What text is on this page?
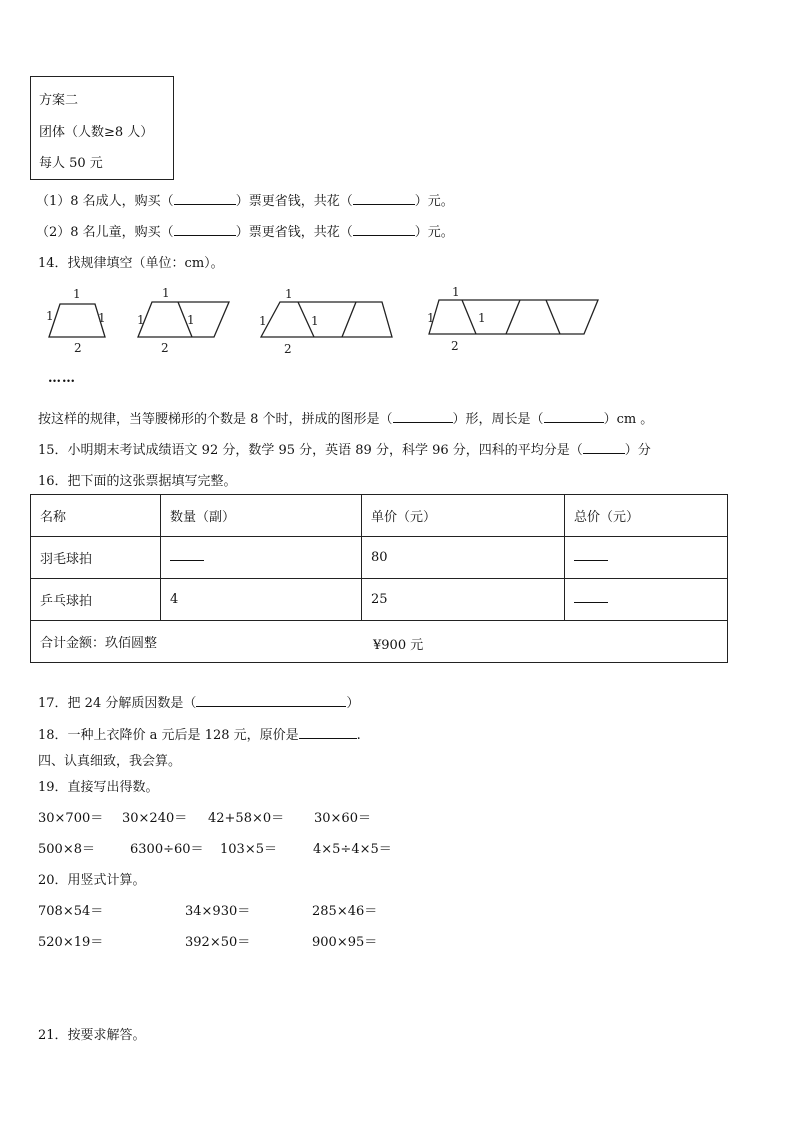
方案二
团体（人数≥8 人）
每人 50 元
（1）8 名成人，购买（	）票更省钱，共花（	）元。
（2）8 名儿童，购买（	）票更省钱，共花（	）元。
14．找规律填空（单位：cm）。
1
1	1
2
1
1	1
2
1
1	1
2
1
1	1
2
……
按这样的规律，当等腰梯形的个数是 8 个时，拼成的图形是（	）形，周长是（	）cm 。
15．小明期末考试成绩语文 92 分，数学 95 分，英语 89 分，科学 96 分，四科的平均分是（	）分
16．把下面的这张票据填写完整。
名称	数量（副）	单价（元）	总价（元）
羽毛球拍		80	
乒乓球拍	4	25	
合计金额：玖佰圆整 ¥900 元			
17．把 24 分解质因数是（	）
18．一种上衣降价 a 元后是 128 元，原价是	.
四、认真细致，我会算。
19．直接写出得数。
30×700＝ 30×240＝ 42+58×0＝ 30×60＝
500×8＝	6300÷60＝ 103×5＝	4×5÷4×5＝
20．用竖式计算。
708×54＝	34×930＝	285×46＝
520×19＝	392×50＝	900×95＝
21．按要求解答。
